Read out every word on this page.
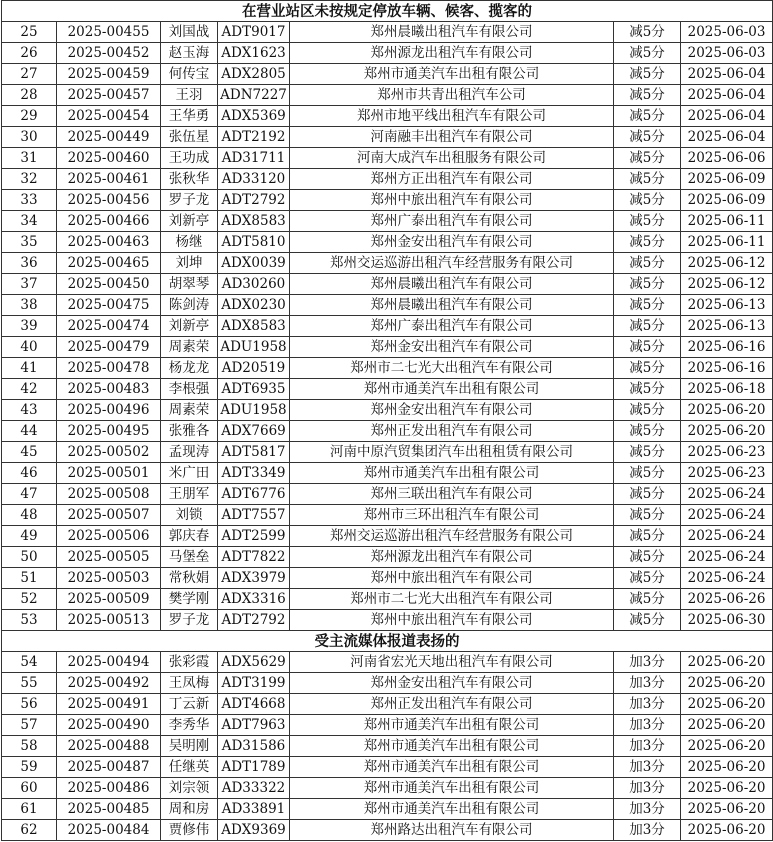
在营业站区未按规定停放车辆、候客、揽客的						
25	2025-00455	刘国战	ADT9017	郑州晨曦出租汽车有限公司	减5分	2025-06-03
26	2025-00452	赵玉海	ADX1623	郑州源龙出租汽车有限公司	减5分	2025-06-03
27	2025-00459	何传宝	ADX2805	郑州市通美汽车出租有限公司	减5分	2025-06-04
28	2025-00457	王羽	ADN7227	郑州市共青出租汽车公司	减5分	2025-06-04
29	2025-00454	王华勇	ADX5369	郑州市地平线出租汽车有限公司	减5分	2025-06-04
30	2025-00449	张伍星	ADT2192	河南融丰出租汽车有限公司	减5分	2025-06-04
31	2025-00460	王功成	AD31711	河南大成汽车出租服务有限公司	减5分	2025-06-06
32	2025-00461	张秋华	AD33120	郑州方正出租汽车有限公司	减5分	2025-06-09
33	2025-00456	罗子龙	ADT2792	郑州中旅出租汽车有限公司	减5分	2025-06-09
34	2025-00466	刘新亭	ADX8583	郑州广泰出租汽车有限公司	减5分	2025-06-11
35	2025-00463	杨继	ADT5810	郑州金安出租汽车有限公司	减5分	2025-06-11
36	2025-00465	刘坤	ADX0039	郑州交运巡游出租汽车经营服务有限公司	减5分	2025-06-12
37	2025-00450	胡翠琴	AD30260	郑州晨曦出租汽车有限公司	减5分	2025-06-12
38	2025-00475	陈剑涛	ADX0230	郑州晨曦出租汽车有限公司	减5分	2025-06-13
39	2025-00474	刘新亭	ADX8583	郑州广泰出租汽车有限公司	减5分	2025-06-13
40	2025-00479	周素荣	ADU1958	郑州金安出租汽车有限公司	减5分	2025-06-16
41	2025-00478	杨龙龙	AD20519	郑州市二七光大出租汽车有限公司	减5分	2025-06-16
42	2025-00483	李根强	ADT6935	郑州市通美汽车出租有限公司	减5分	2025-06-18
43	2025-00496	周素荣	ADU1958	郑州金安出租汽车有限公司	减5分	2025-06-20
44	2025-00495	张雅各	ADX7669	郑州正发出租汽车有限公司	减5分	2025-06-20
45	2025-00502	孟现涛	ADT5817	河南中原汽贸集团汽车出租租赁有限公司	减5分	2025-06-23
46	2025-00501	米广田	ADT3349	郑州市通美汽车出租有限公司	减5分	2025-06-23
47	2025-00508	王朋军	ADT6776	郑州三联出租汽车有限公司	减5分	2025-06-24
48	2025-00507	刘锁	ADT7557	郑州市三环出租汽车有限公司	减5分	2025-06-24
49	2025-00506	郭庆春	ADT2599	郑州交运巡游出租汽车经营服务有限公司	减5分	2025-06-24
50	2025-00505	马堡垒	ADT7822	郑州源龙出租汽车有限公司	减5分	2025-06-24
51	2025-00503	常秋娟	ADX3979	郑州中旅出租汽车有限公司	减5分	2025-06-24
52	2025-00509	樊学刚	ADX3316	郑州市二七光大出租汽车有限公司	减5分	2025-06-26
53	2025-00513	罗子龙	ADT2792	郑州中旅出租汽车有限公司	减5分	2025-06-30
受主流媒体报道表扬的						
54	2025-00494	张彩霞	ADX5629	河南省宏光天地出租汽车有限公司	加3分	2025-06-20
55	2025-00492	王凤梅	ADT3199	郑州金安出租汽车有限公司	加3分	2025-06-20
56	2025-00491	丁云新	ADT4668	郑州正发出租汽车有限公司	加3分	2025-06-20
57	2025-00490	李秀华	ADT7963	郑州市通美汽车出租有限公司	加3分	2025-06-20
58	2025-00488	吴明刚	AD31586	郑州市通美汽车出租有限公司	加3分	2025-06-20
59	2025-00487	任继英	ADT1789	郑州市通美汽车出租有限公司	加3分	2025-06-20
60	2025-00486	刘宗领	AD33322	郑州市通美汽车出租有限公司	加3分	2025-06-20
61	2025-00485	周和房	AD33891	郑州市通美汽车出租有限公司	加3分	2025-06-20
62	2025-00484	贾修伟	ADX9369	郑州路达出租汽车有限公司	加3分	2025-06-20
